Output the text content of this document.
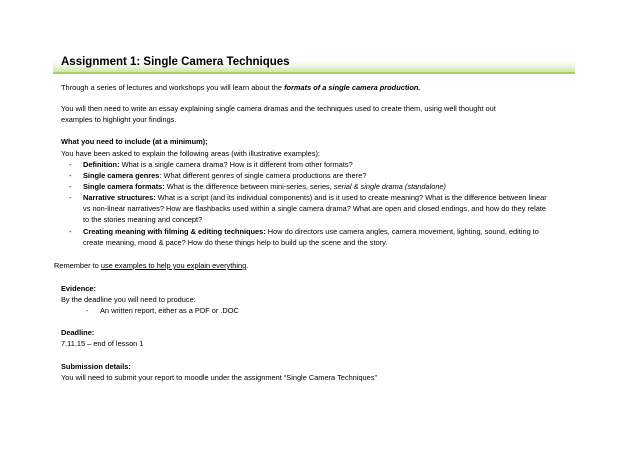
Assignment 1: Single Camera Techniques
Through a series of lectures and workshops you will learn about the formats of a single camera production.
You will then need to write an essay explaining single camera dramas and the techniques used to create them, using well thought out
examples to highlight your findings.
What you need to include (at a minimum);
You have been asked to explain the following areas (with illustrative examples):
- Definition: What is a single camera drama? How is it different from other formats?
- Single camera genres: What different genres of single camera productions are there?
- Single camera formats: What is the difference between mini-series, series, serial & single drama (standalone)
- Narrative structures: What is a script (and its individual components) and is it used to create meaning? What is the difference between linear
vs non-linear narratives? How are flashbacks used within a single camera drama? What are open and closed endings, and how do they relate
to the stories meaning and concept?
- Creating meaning with filming & editing techniques: How do directors use camera angles, camera movement, lighting, sound, editing to
create meaning, mood & pace? How do these things help to build up the scene and the story.
Remember to use examples to help you explain everything.
Evidence:
By the deadline you will need to produce:
- An written report, either as a PDF or .DOC
Deadline:
7.11.15 – end of lesson 1
Submission details:
You will need to submit your report to moodle under the assignment “Single Camera Techniques”
